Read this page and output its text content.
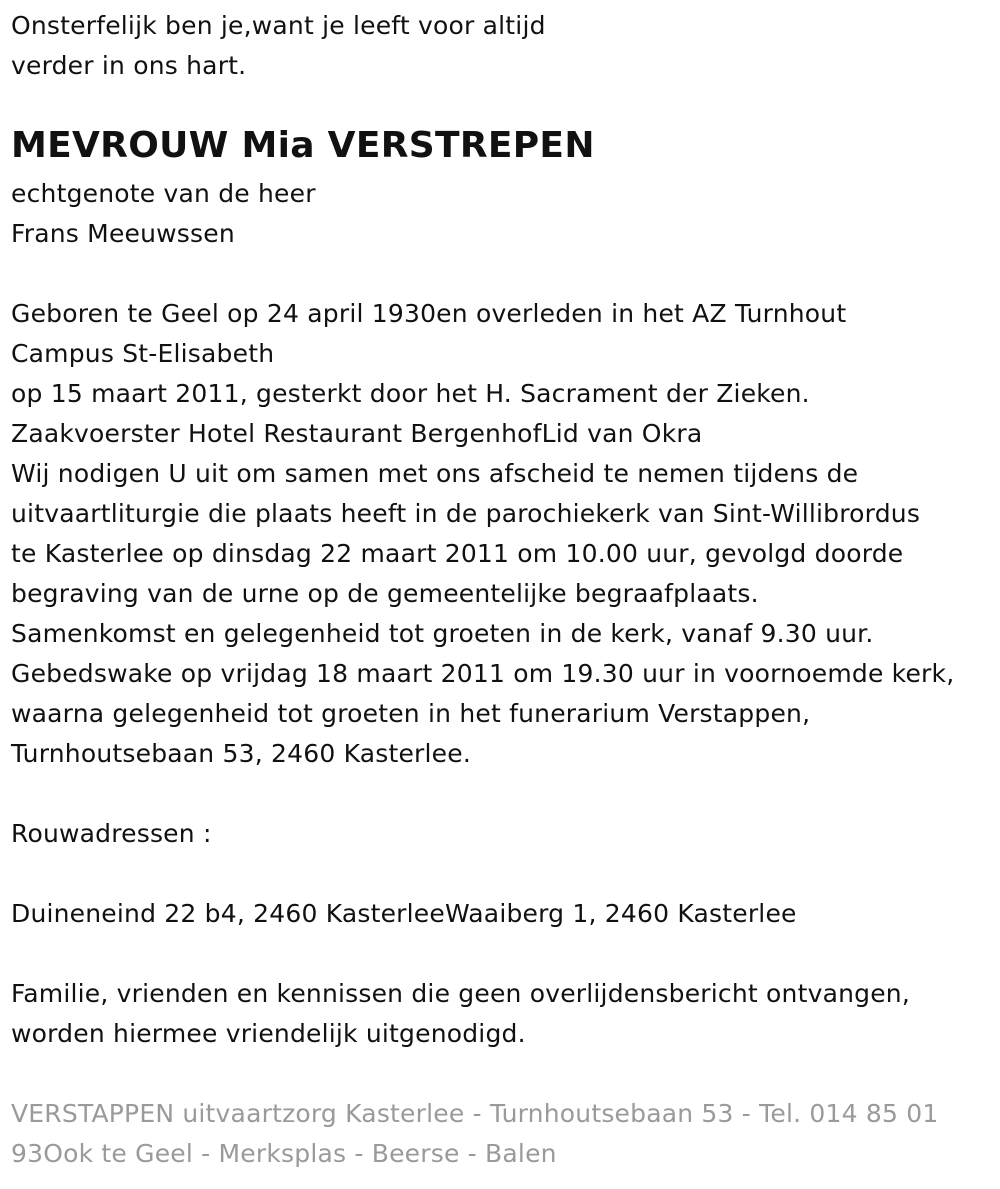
Onsterfelijk ben je,want je leeft voor altijd
verder in ons hart.
MEVROUW Mia VERSTREPEN
echtgenote van de heer
Frans Meeuwssen
Geboren te Geel op 24 april 1930en overleden in het AZ Turnhout
Campus St-Elisabeth
op 15 maart 2011, gesterkt door het H. Sacrament der Zieken.
Zaakvoerster Hotel Restaurant BergenhofLid van Okra
Wij nodigen U uit om samen met ons afscheid te nemen tijdens de
uitvaartliturgie die plaats heeft in de parochiekerk van Sint-Willibrordus
te Kasterlee op dinsdag 22 maart 2011 om 10.00 uur, gevolgd doorde
begraving van de urne op de gemeentelijke begraafplaats.
Samenkomst en gelegenheid tot groeten in de kerk, vanaf 9.30 uur.
Gebedswake op vrijdag 18 maart 2011 om 19.30 uur in voornoemde kerk,
waarna gelegenheid tot groeten in het funerarium Verstappen,
Turnhoutsebaan 53, 2460 Kasterlee.
Rouwadressen :
Duineneind 22 b4, 2460 KasterleeWaaiberg 1, 2460 Kasterlee
Familie, vrienden en kennissen die geen overlijdensbericht ontvangen,
worden hiermee vriendelijk uitgenodigd.
VERSTAPPEN uitvaartzorg Kasterlee - Turnhoutsebaan 53 - Tel. 014 85 01
93Ook te Geel - Merksplas - Beerse - Balen
